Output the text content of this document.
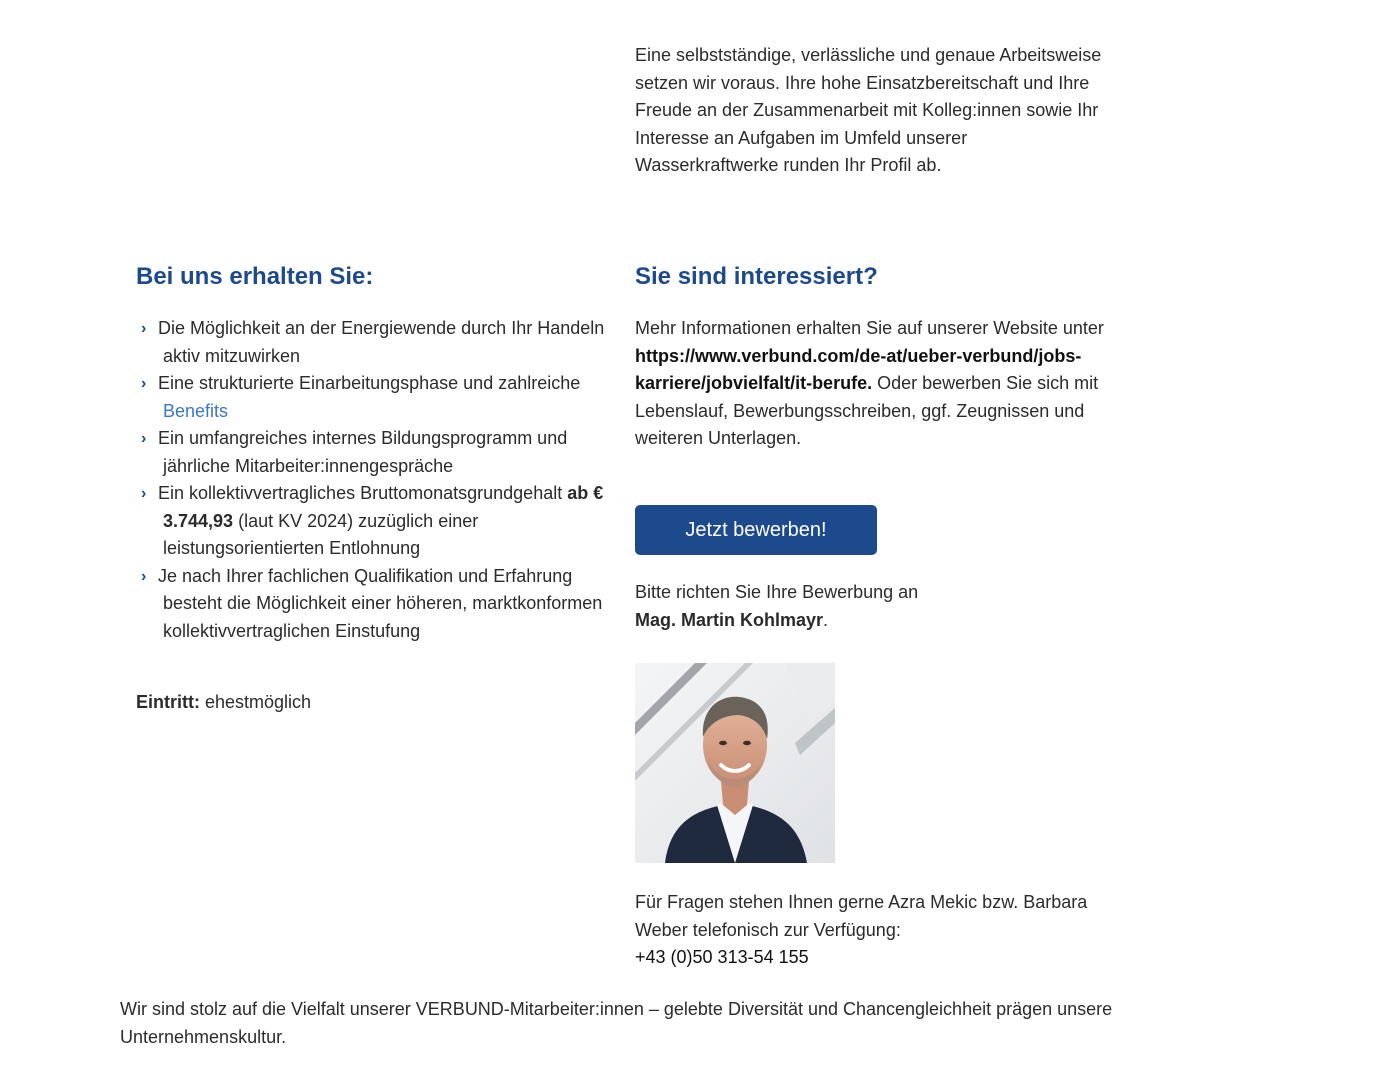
Eine selbstständige, verlässliche und genaue Arbeitsweise setzen wir voraus. Ihre hohe Einsatzbereitschaft und Ihre Freude an der Zusammenarbeit mit Kolleg:innen sowie Ihr Interesse an Aufgaben im Umfeld unserer Wasserkraftwerke runden Ihr Profil ab.

Bei uns erhalten Sie:
› Die Möglichkeit an der Energiewende durch Ihr Handeln aktiv mitzuwirken
› Eine strukturierte Einarbeitungsphase und zahlreiche Benefits
› Ein umfangreiches internes Bildungsprogramm und jährliche Mitarbeiter:innengespräche
› Ein kollektivvertragliches Bruttomonatsgrundgehalt ab € 3.744,93 (laut KV 2024) zuzüglich einer leistungsorientierten Entlohnung
› Je nach Ihrer fachlichen Qualifikation und Erfahrung besteht die Möglichkeit einer höheren, marktkonformen kollektivvertraglichen Einstufung

Eintritt: ehestmöglich

Sie sind interessiert?

Mehr Informationen erhalten Sie auf unserer Website unter https://www.verbund.com/de-at/ueber-verbund/jobs-karriere/jobvielfalt/it-berufe. Oder bewerben Sie sich mit Lebenslauf, Bewerbungsschreiben, ggf. Zeugnissen und weiteren Unterlagen.

Jetzt bewerben!

Bitte richten Sie Ihre Bewerbung an
Mag. Martin Kohlmayr.

Für Fragen stehen Ihnen gerne Azra Mekic bzw. Barbara Weber telefonisch zur Verfügung:
+43 (0)50 313-54 155

Wir sind stolz auf die Vielfalt unserer VERBUND-Mitarbeiter:innen – gelebte Diversität und Chancengleichheit prägen unsere Unternehmenskultur.
